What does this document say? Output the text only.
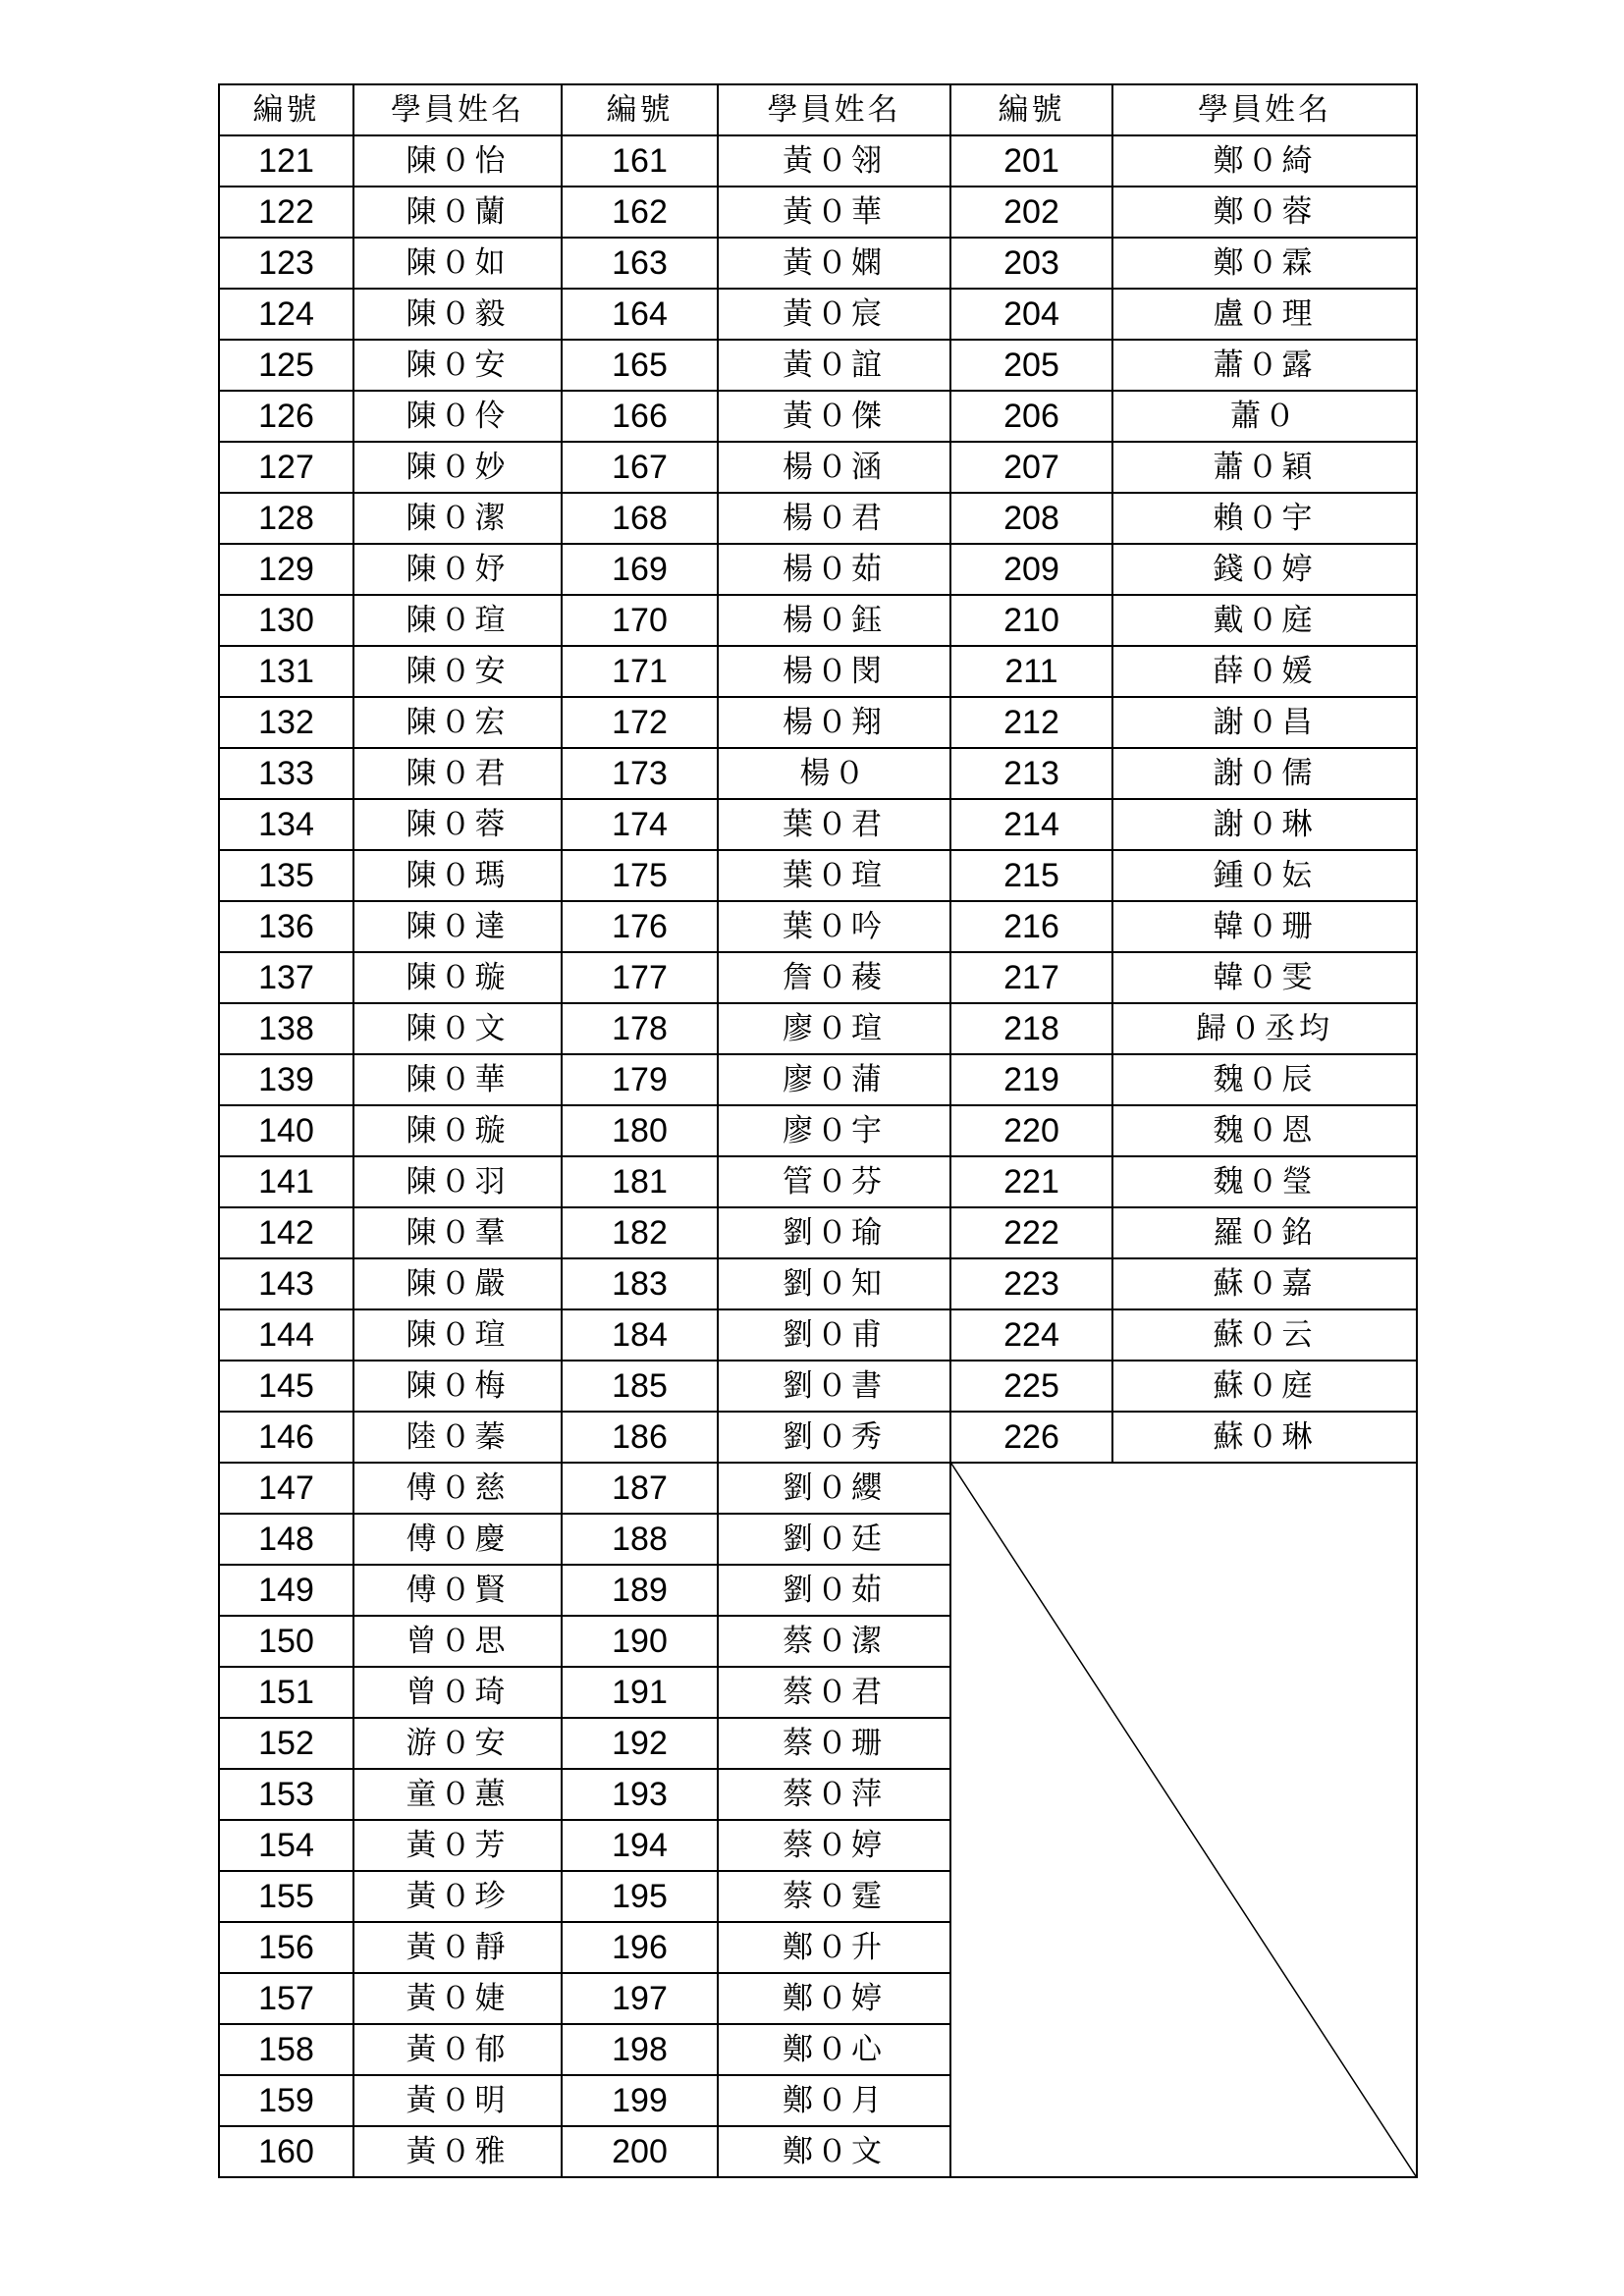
編號	學員姓名	編號	學員姓名	編號	學員姓名
121	陳０怡	161	黃０翎	201	鄭０綺
122	陳０蘭	162	黃０華	202	鄭０蓉
123	陳０如	163	黃０嫻	203	鄭０霖
124	陳０毅	164	黃０宸	204	盧０理
125	陳０安	165	黃０誼	205	蕭０露
126	陳０伶	166	黃０傑	206	蕭０
127	陳０妙	167	楊０涵	207	蕭０穎
128	陳０潔	168	楊０君	208	賴０宇
129	陳０妤	169	楊０茹	209	錢０婷
130	陳０瑄	170	楊０鈺	210	戴０庭
131	陳０安	171	楊０閔	211	薛０媛
132	陳０宏	172	楊０翔	212	謝０昌
133	陳０君	173	楊０	213	謝０儒
134	陳０蓉	174	葉０君	214	謝０琳
135	陳０瑪	175	葉０瑄	215	鍾０妘
136	陳０達	176	葉０吟	216	韓０珊
137	陳０璇	177	詹０薐	217	韓０雯
138	陳０文	178	廖０瑄	218	歸０丞均
139	陳０華	179	廖０蒲	219	魏０辰
140	陳０璇	180	廖０宇	220	魏０恩
141	陳０羽	181	管０芬	221	魏０瑩
142	陳０羣	182	劉０瑜	222	羅０銘
143	陳０嚴	183	劉０知	223	蘇０嘉
144	陳０瑄	184	劉０甫	224	蘇０云
145	陳０梅	185	劉０書	225	蘇０庭
146	陸０蓁	186	劉０秀	226	蘇０琳
147	傅０慈	187	劉０纓	

148	傅０慶	188	劉０廷		
149	傅０賢	189	劉０茹		
150	曾０思	190	蔡０潔		
151	曾０琦	191	蔡０君		
152	游０安	192	蔡０珊		
153	童０蕙	193	蔡０萍		
154	黃０芳	194	蔡０婷		
155	黃０珍	195	蔡０霆		
156	黃０靜	196	鄭０升		
157	黃０婕	197	鄭０婷		
158	黃０郁	198	鄭０心		
159	黃０明	199	鄭０月		
160	黃０雅	200	鄭０文		
